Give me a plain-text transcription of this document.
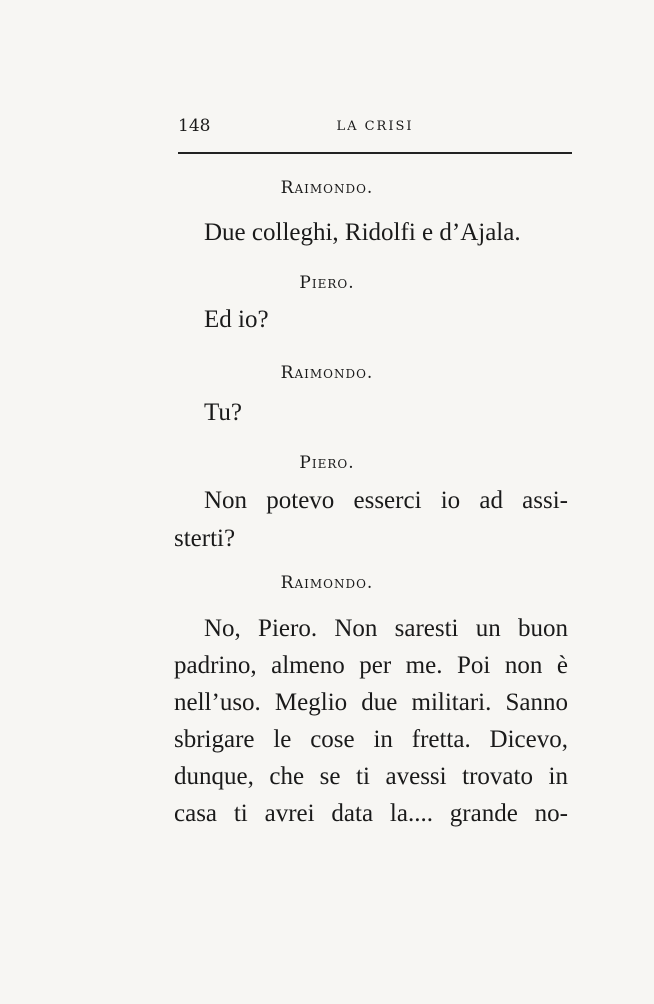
148	LA CRISI
Raimondo.
Due colleghi, Ridolfi e d’Ajala.
Piero.
Ed io?
Raimondo.
Tu?
Piero.
Non potevo esserci io ad assi-
sterti?
Raimondo.
No, Piero. Non saresti un buon
padrino, almeno per me. Poi non è
nell’uso. Meglio due militari. Sanno
sbrigare le cose in fretta. Dicevo,
dunque, che se ti avessi trovato in
casa ti avrei data la.... grande no-
